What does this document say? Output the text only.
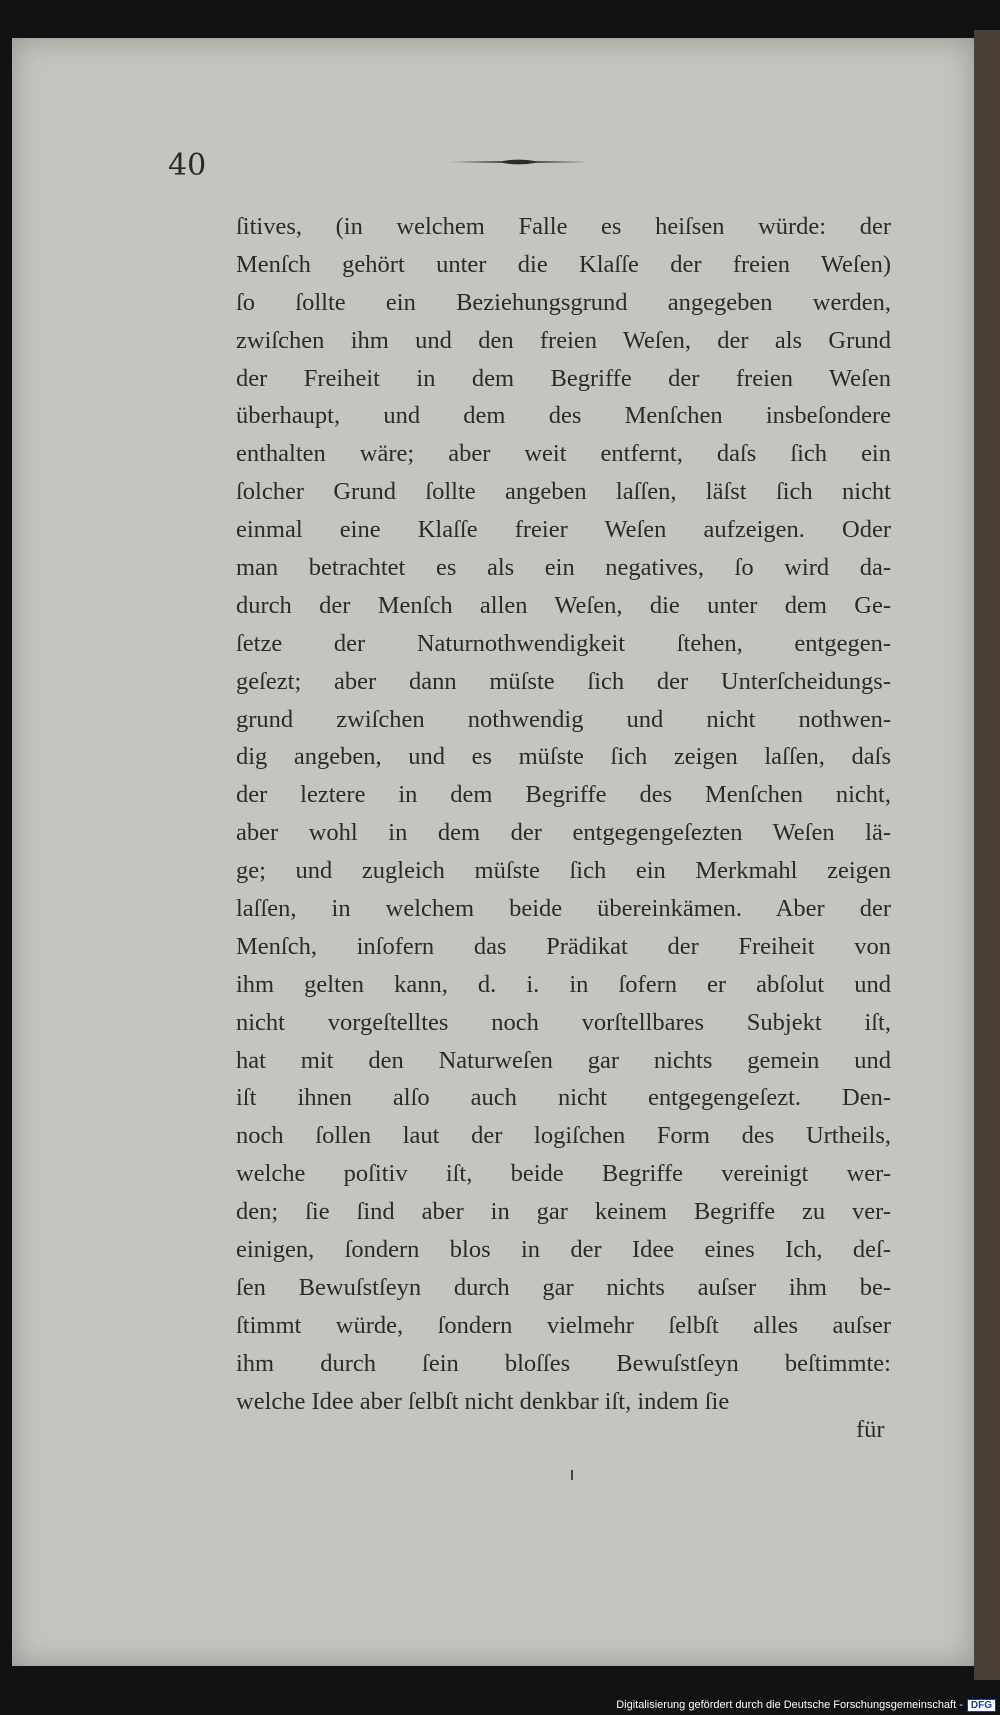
40
ſitives, (in welchem Falle es heiſsen würde: der
Menſch gehört unter die Klaſſe der freien Weſen)
ſo ſollte ein Beziehungsgrund angegeben werden,
zwiſchen ihm und den freien Weſen, der als Grund
der Freiheit in dem Begriffe der freien Weſen
überhaupt, und dem des Menſchen insbeſondere
enthalten wäre; aber weit entfernt, daſs ſich ein
ſolcher Grund ſollte angeben laſſen, läſst ſich nicht
einmal eine Klaſſe freier Weſen aufzeigen. Oder
man betrachtet es als ein negatives, ſo wird da-
durch der Menſch allen Weſen, die unter dem Ge-
ſetze der Naturnothwendigkeit ſtehen, entgegen-
geſezt; aber dann müſste ſich der Unterſcheidungs-
grund zwiſchen nothwendig und nicht nothwen-
dig angeben, und es müſste ſich zeigen laſſen, daſs
der leztere in dem Begriffe des Menſchen nicht,
aber wohl in dem der entgegengeſezten Weſen lä-
ge; und zugleich müſste ſich ein Merkmahl zeigen
laſſen, in welchem beide übereinkämen. Aber der
Menſch, inſofern das Prädikat der Freiheit von
ihm gelten kann, d. i. in ſofern er abſolut und
nicht vorgeſtelltes noch vorſtellbares Subjekt iſt,
hat mit den Naturweſen gar nichts gemein und
iſt ihnen alſo auch nicht entgegengeſezt. Den-
noch ſollen laut der logiſchen Form des Urtheils,
welche poſitiv iſt, beide Begriffe vereinigt wer-
den; ſie ſind aber in gar keinem Begriffe zu ver-
einigen, ſondern blos in der Idee eines Ich, deſ-
ſen Bewuſstſeyn durch gar nichts auſser ihm be-
ſtimmt würde, ſondern vielmehr ſelbſt alles auſser
ihm durch ſein bloſſes Bewuſstſeyn beſtimmte:
welche Idee aber ſelbſt nicht denkbar iſt, indem ſie
für
Digitalisierung gefördert durch die Deutsche Forschungsgemeinschaft - DFG
